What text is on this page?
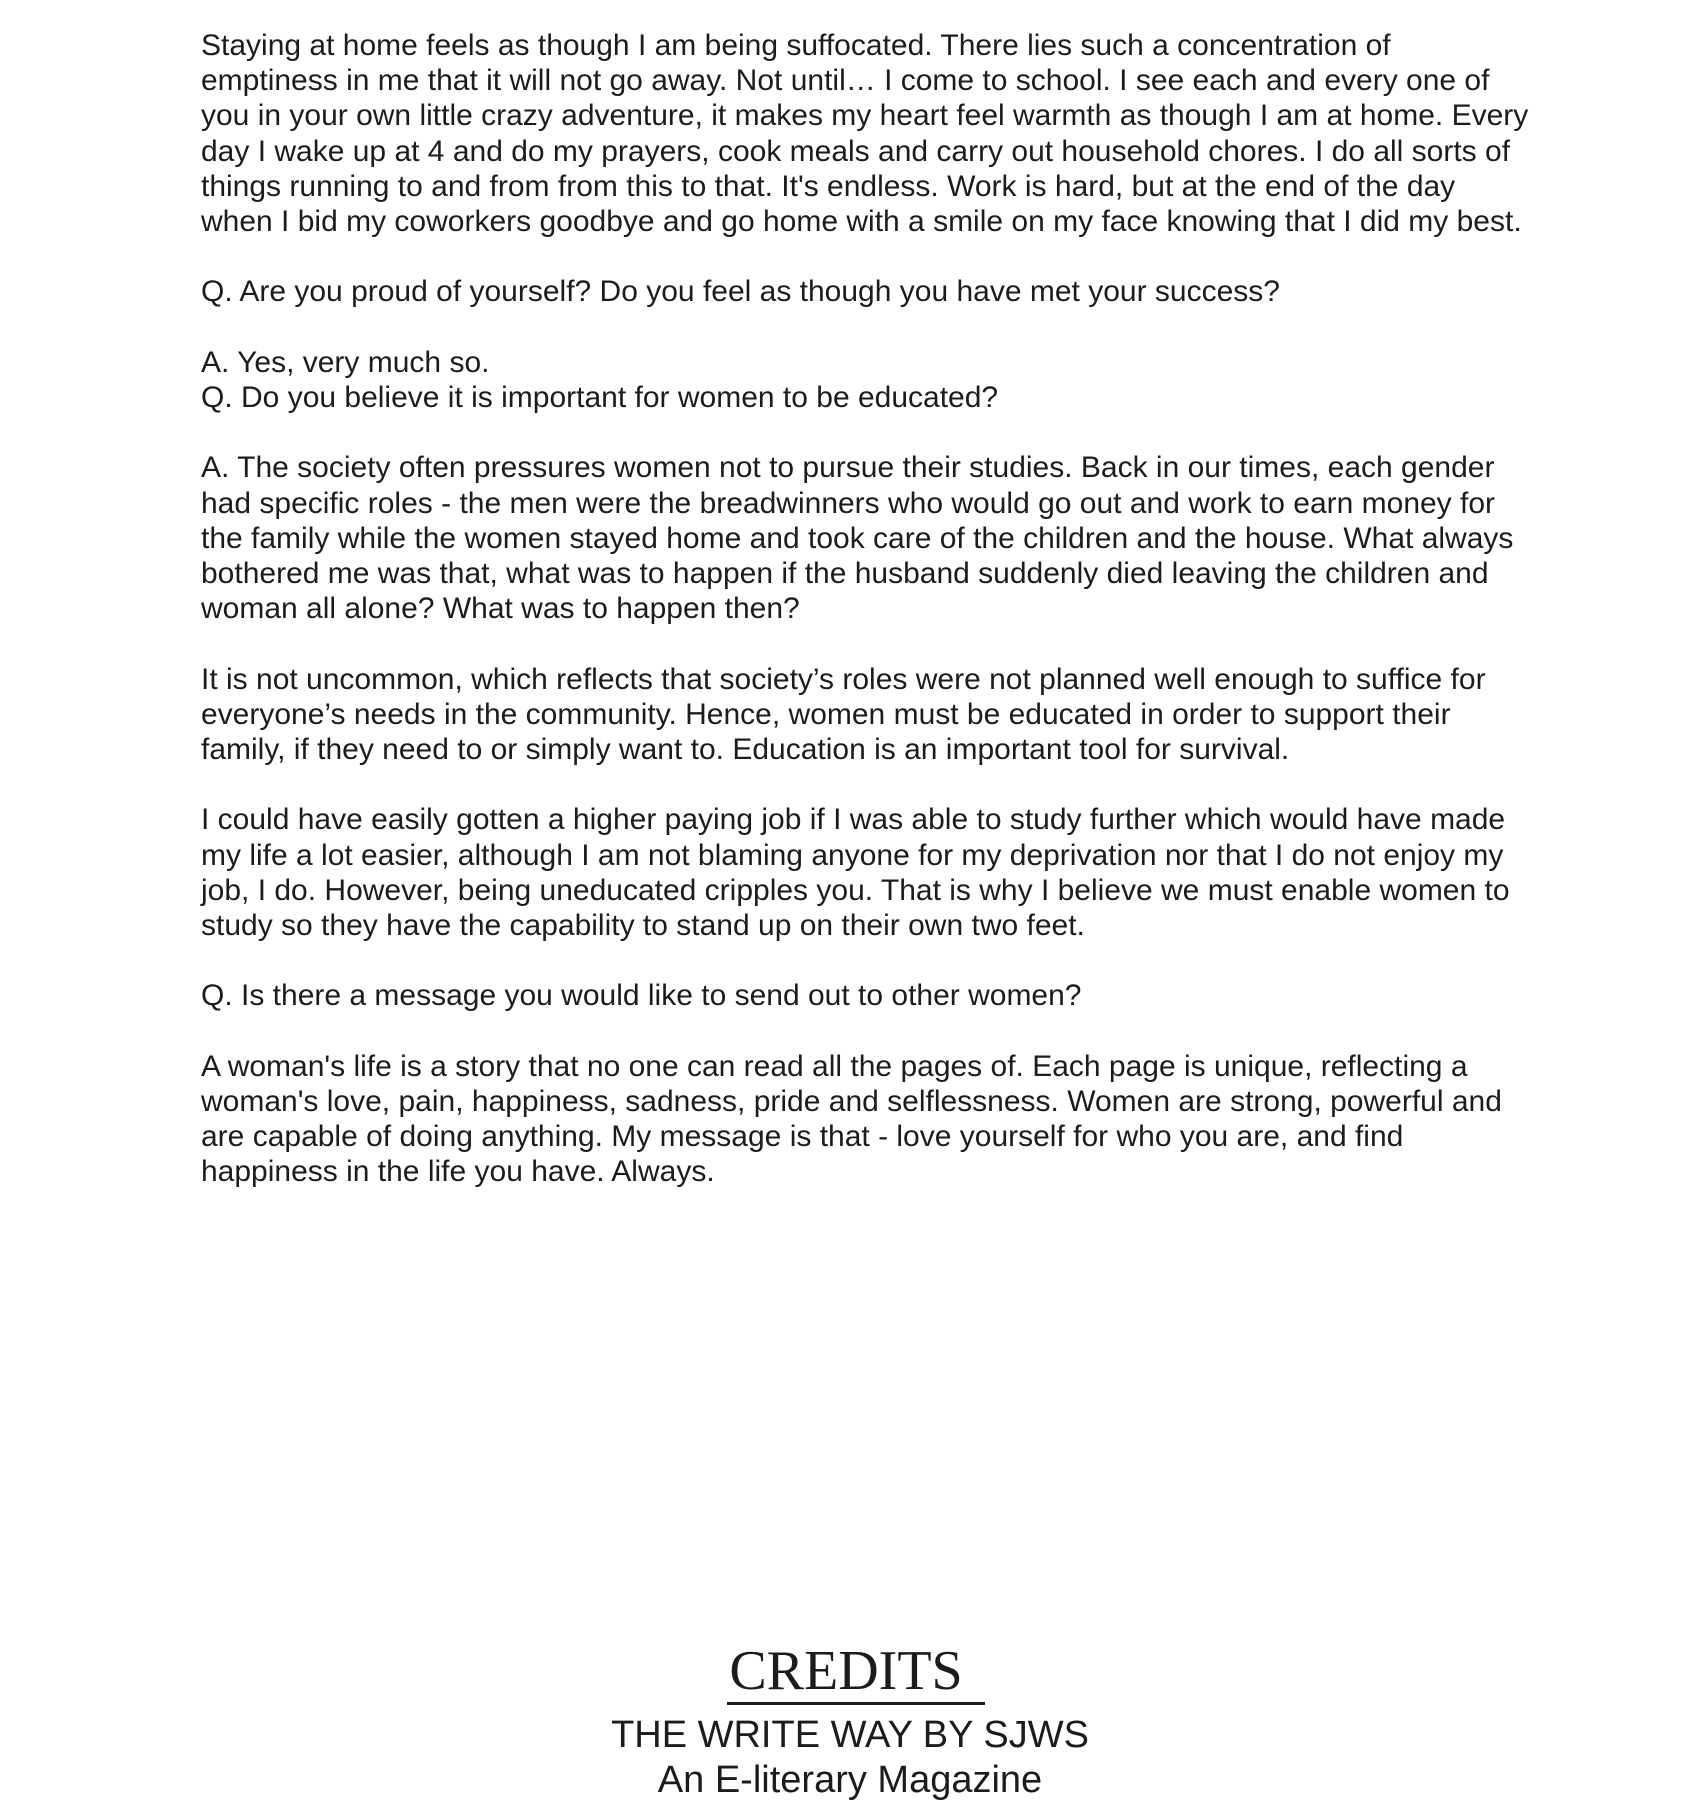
Staying at home feels as though I am being suffocated. There lies such a concentration of emptiness in me that it will not go away. Not until… I come to school. I see each and every one of you in your own little crazy adventure, it makes my heart feel warmth as though I am at home. Every day I wake up at 4 and do my prayers, cook meals and carry out household chores. I do all sorts of things running to and from from this to that. It's endless. Work is hard, but at the end of the day when I bid my coworkers goodbye and go home with a smile on my face knowing that I did my best.

Q. Are you proud of yourself? Do you feel as though you have met your success?

A. Yes, very much so.

Q. Do you believe it is important for women to be educated?

A. The society often pressures women not to pursue their studies. Back in our times, each gender had specific roles - the men were the breadwinners who would go out and work to earn money for the family while the women stayed home and took care of the children and the house. What always bothered me was that, what was to happen if the husband suddenly died leaving the children and woman all alone? What was to happen then?

It is not uncommon, which reflects that society’s roles were not planned well enough to suffice for everyone’s needs in the community. Hence, women must be educated in order to support their family, if they need to or simply want to. Education is an important tool for survival.

I could have easily gotten a higher paying job if I was able to study further which would have made my life a lot easier, although I am not blaming anyone for my deprivation nor that I do not enjoy my job, I do. However, being uneducated cripples you. That is why I believe we must enable women to study so they have the capability to stand up on their own two feet.

Q. Is there a message you would like to send out to other women?

A woman's life is a story that no one can read all the pages of. Each page is unique, reflecting a woman's love, pain, happiness, sadness, pride and selflessness. Women are strong, powerful and are capable of doing anything. My message is that - love yourself for who you are, and find happiness in the life you have. Always.

CREDITS
THE WRITE WAY BY SJWS
An E-literary Magazine
